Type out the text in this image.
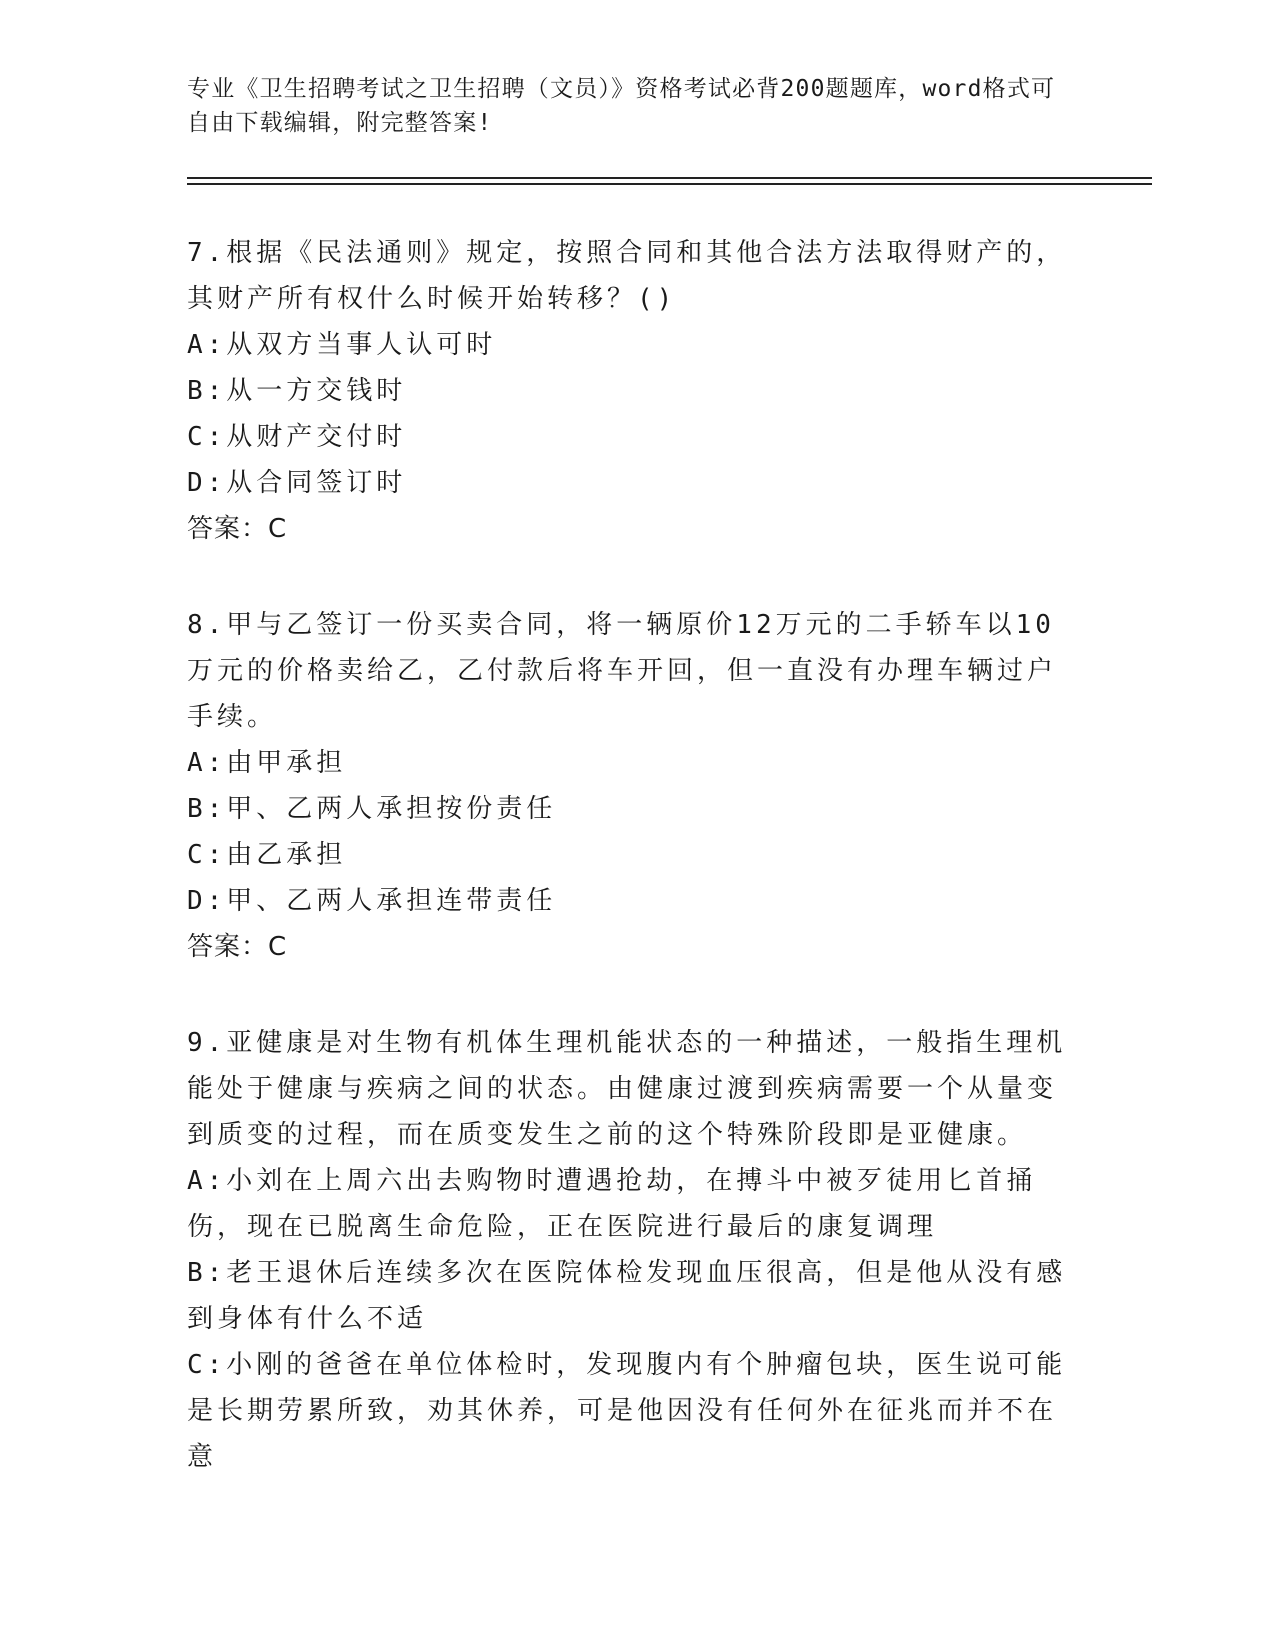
专业《卫生招聘考试之卫生招聘（文员）》资格考试必背200题题库，word格式可自由下载编辑，附完整答案!

7.根据《民法通则》规定，按照合同和其他合法方法取得财产的，其财产所有权什么时候开始转移？()

A:从双方当事人认可时
B:从一方交钱时
C:从财产交付时
D:从合同签订时
答案：C

8.甲与乙签订一份买卖合同，将一辆原价12万元的二手轿车以10万元的价格卖给乙，乙付款后将车开回，但一直没有办理车辆过户手续。

A:由甲承担
B:甲、乙两人承担按份责任
C:由乙承担
D:甲、乙两人承担连带责任
答案：C

9.亚健康是对生物有机体生理机能状态的一种描述，一般指生理机能处于健康与疾病之间的状态。由健康过渡到疾病需要一个从量变到质变的过程，而在质变发生之前的这个特殊阶段即是亚健康。

A:小刘在上周六出去购物时遭遇抢劫，在搏斗中被歹徒用匕首捅伤，现在已脱离生命危险，正在医院进行最后的康复调理
B:老王退休后连续多次在医院体检发现血压很高，但是他从没有感到身体有什么不适
C:小刚的爸爸在单位体检时，发现腹内有个肿瘤包块，医生说可能是长期劳累所致，劝其休养，可是他因没有任何外在征兆而并不在意
